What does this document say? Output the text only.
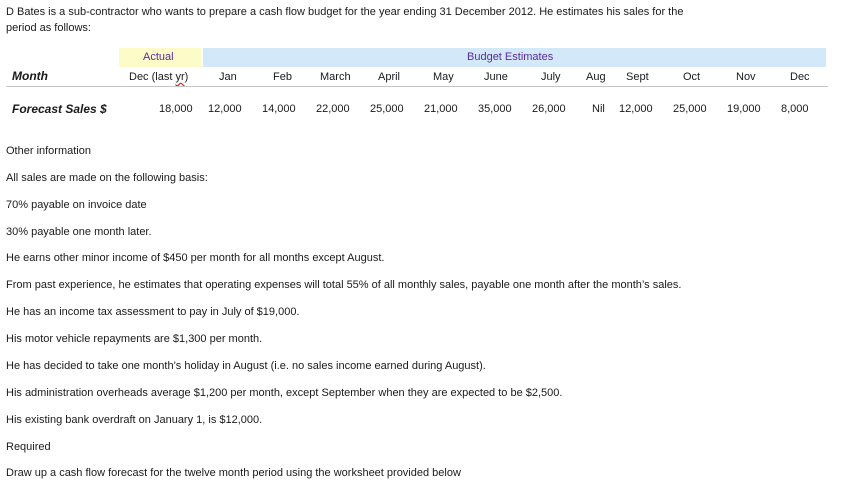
D Bates is a sub-contractor who wants to prepare a cash flow budget for the year ending 31 December 2012. He estimates his sales for the
period as follows:
Actual	Budget Estimates
Month	Dec (last yr)	Jan	Feb	March April	May	June	July Aug Sept	Oct	Nov	Dec
Forecast Sales $	18,000 12,000 14,000 22,000 25,000 21,000 35,000 26,000 Nil 12,000 25,000 19,000 8,000
Other information
All sales are made on the following basis:
70% payable on invoice date
30% payable one month later.
He earns other minor income of $450 per month for all months except August.
From past experience, he estimates that operating expenses will total 55% of all monthly sales, payable one month after the month’s sales.
He has an income tax assessment to pay in July of $19,000.
His motor vehicle repayments are $1,300 per month.
He has decided to take one month’s holiday in August (i.e. no sales income earned during August).
His administration overheads average $1,200 per month, except September when they are expected to be $2,500.
His existing bank overdraft on January 1, is $12,000.
Required
Draw up a cash flow forecast for the twelve month period using the worksheet provided below
